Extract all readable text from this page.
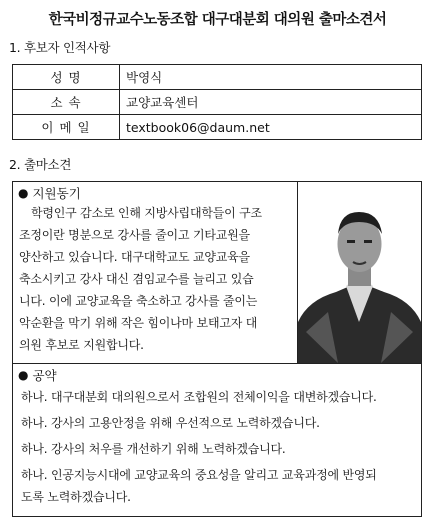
한국비정규교수노동조합 대구대분회 대의원 출마소견서
1. 후보자 인적사항
성 명	박영식
소 속	교양교육센터
이 메 일	textbook06@daum.net
2. 출마소견
● 지원동기
학령인구 감소로 인해 지방사립대학들이 구조
조정이란 명분으로 강사를 줄이고 기타교원을
양산하고 있습니다. 대구대학교도 교양교육을
축소시키고 강사 대신 겸임교수를 늘리고 있습
니다. 이에 교양교육을 축소하고 강사를 줄이는
악순환을 막기 위해 작은 힘이나마 보태고자 대
의원 후보로 지원합니다.
● 공약
하나. 대구대분회 대의원으로서 조합원의 전체이익을 대변하겠습니다.
하나. 강사의 고용안정을 위해 우선적으로 노력하겠습니다.
하나. 강사의 처우를 개선하기 위해 노력하겠습니다.
하나. 인공지능시대에 교양교육의 중요성을 알리고 교육과정에 반영되
도록 노력하겠습니다.
